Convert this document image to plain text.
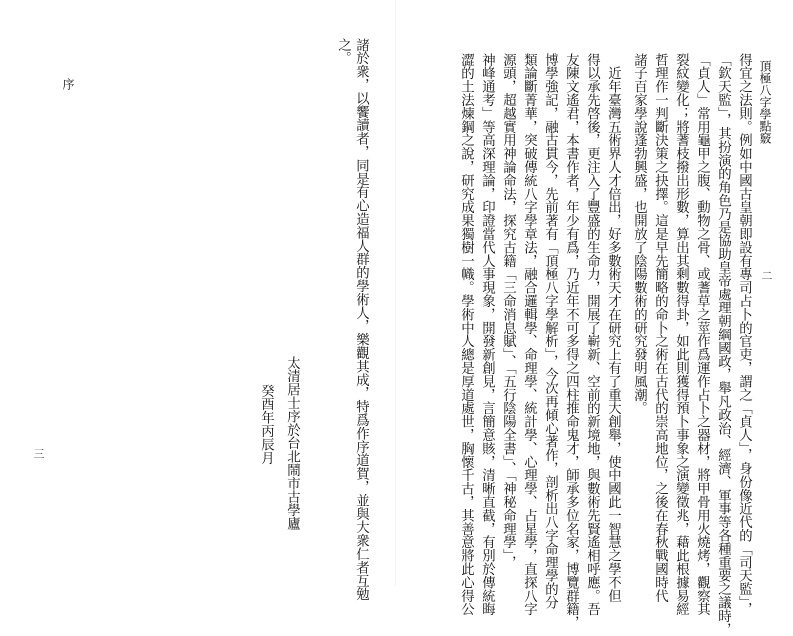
諸於衆，以饗讀者，同是有心造福人群的學術人，樂觀其成，特爲作序道賀，並與大衆仁者互勉
之。
太清居士序於台北鬧市古學廬
癸酉年丙辰月
序
三
頂極八字學點竅
二
得宜之法則。例如中國古皇朝即設有專司占卜的官吏，謂之「貞人」，身份像近代的「司天監」，
「欽天監」，其扮演的角色乃是協助皇帝處理朝綱國政，舉凡政治、經濟、軍事等各種重要之議時，
「貞人」常用龜甲之腹、動物之骨、或蓍草之莖作爲運作占卜之器材，將甲骨用火燒烤，觀察其
裂紋變化；將蓍枝撥出形數，算出其剩數得卦，如此則獲得預卜事象之演變徵兆，藉此根據易經
哲理作一判斷決策之抉擇。這是早先簡略的命卜之術在古代的崇高地位，之後在春秋戰國時代
諸子百家學說蓬勃興盛，也開放了陰陽數術的研究發明風潮。
　近年臺灣五術界人才倍出，好多數術天才在研究上有了重大創舉，使中國此一智慧之學不但
得以承先啓後，更注入了豐盛的生命力，開展了嶄新、空前的新境地，與數術先賢遙相呼應。吾
友陳文遙君，本書作者，年少有爲，乃近年不可多得之四柱推命鬼才，師承多位名家，博覽群籍，
博學強記，融古貫今，先前著有「頂極八字學解析」，今次再傾心著作，剖析出八字命理學的分
類論斷菁華，突破傳統八字學章法，融合邏輯學、命理學、統計學、心理學、占星學，直探八字
源頭，超越實用神論命法，探究古籍「三命消息賦」、「五行陰陽全書」、「神秘命理學」，
神峰通考」等高深理論，印證當代人事現象，開發新創見，言簡意賅，清晰直截，有別於傳統晦
澀的土法煉鋼之說，研究成果獨樹一幟。學術中人總是厚道處世，胸懷千古，其善意將此心得公
